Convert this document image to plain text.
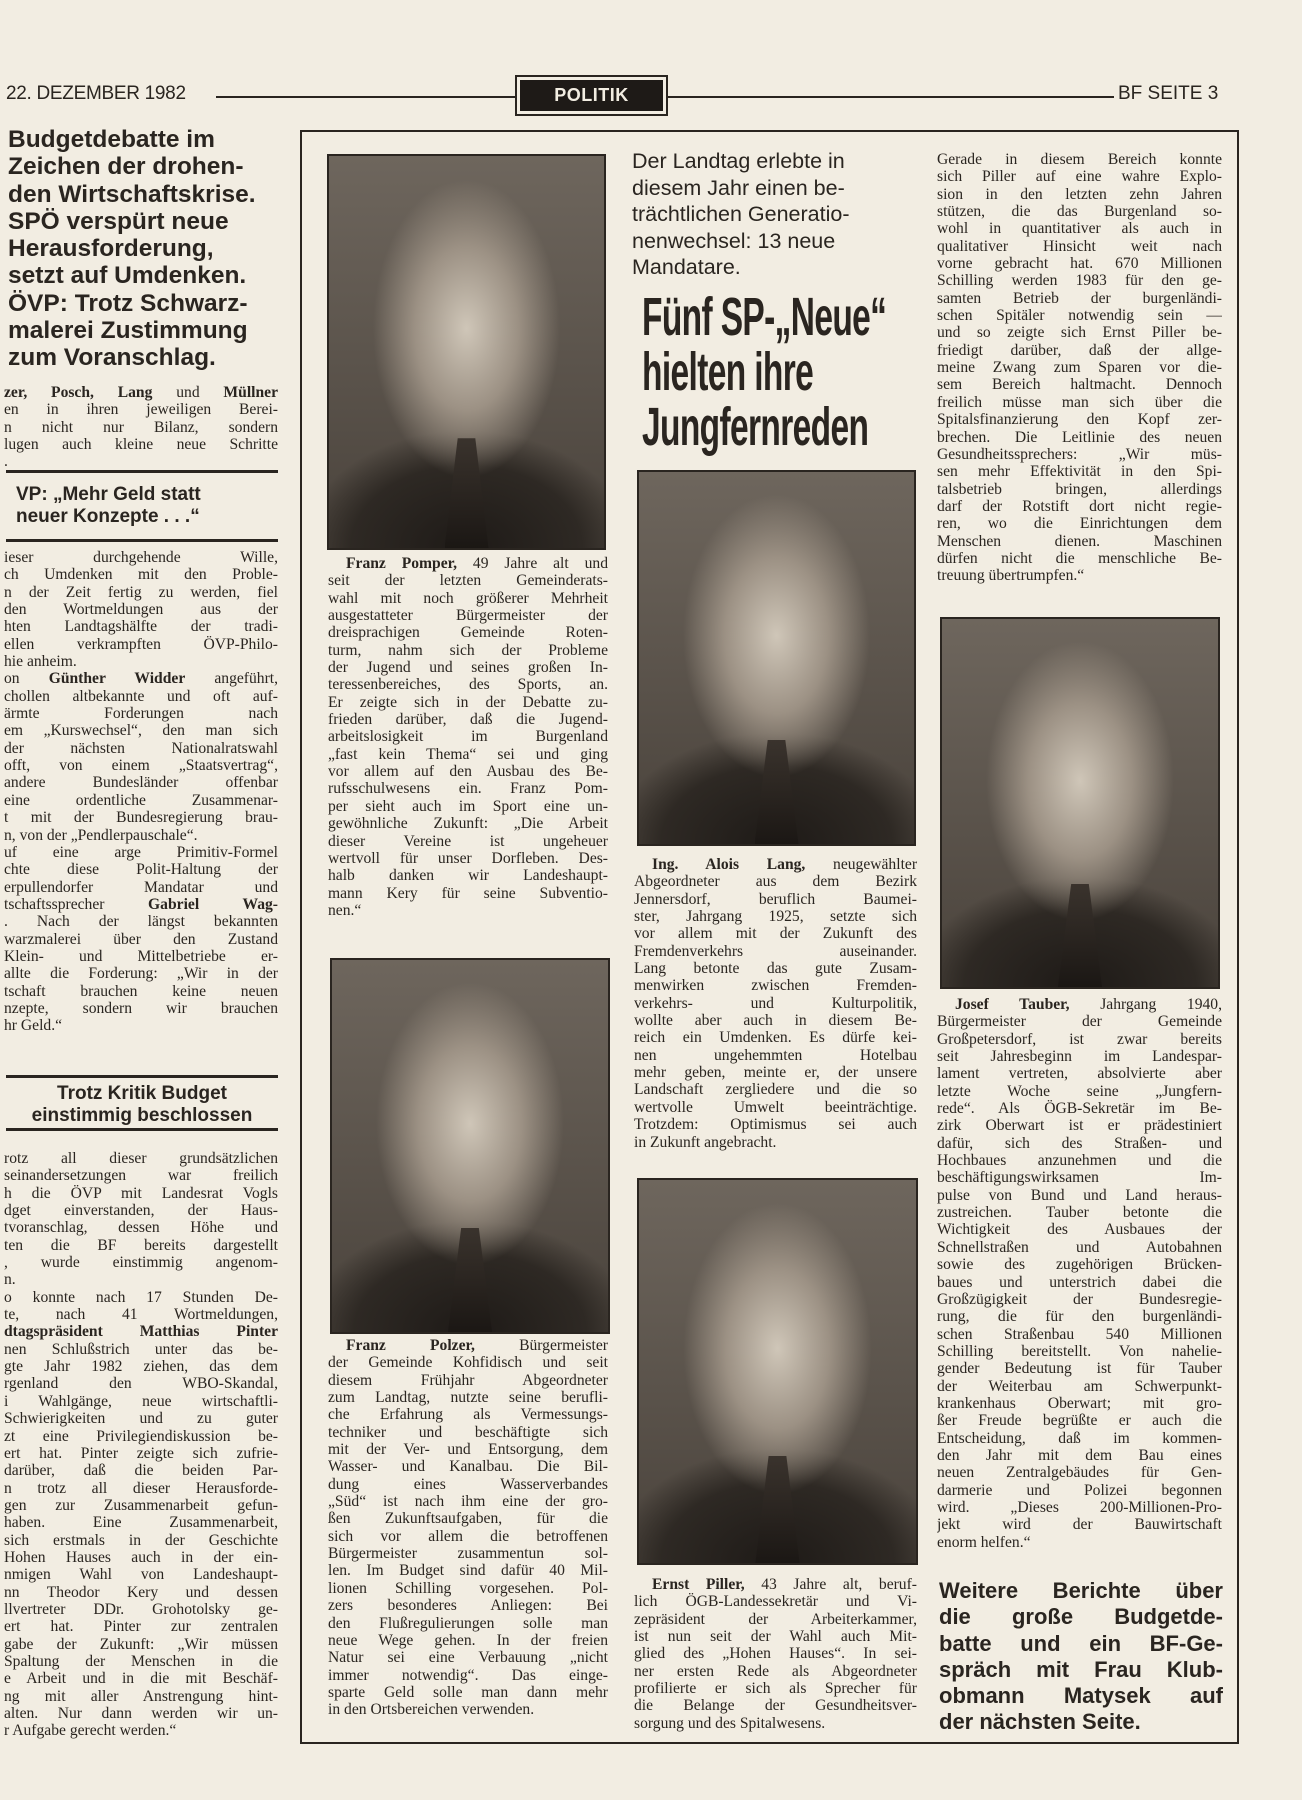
22. DEZEMBER 1982	POLITIK	BF SEITE 3
Budgetdebatte im
Zeichen der drohen-
den Wirtschaftskrise.
SPÖ verspürt neue
Herausforderung,
setzt auf Umdenken.
ÖVP: Trotz Schwarz-
malerei Zustimmung
zum Voranschlag.
zer, Posch, Lang und Müllner
en in ihren jeweiligen Berei-
n nicht nur Bilanz, sondern
lugen auch kleine neue Schritte
.
VP: „Mehr Geld statt
neuer Konzepte . . .“
ieser durchgehende Wille,
ch Umdenken mit den Proble-
n der Zeit fertig zu werden, fiel
den Wortmeldungen aus der
hten Landtagshälfte der tradi-
ellen verkrampften ÖVP-Philo-
hie anheim.
on Günther Widder angeführt,
chollen altbekannte und oft auf-
ärmte Forderungen nach
em „Kurswechsel“, den man sich
der nächsten Nationalratswahl
offt, von einem „Staatsvertrag“,
andere Bundesländer offenbar
eine ordentliche Zusammenar-
t mit der Bundesregierung brau-
n, von der „Pendlerpauschale“.
uf eine arge Primitiv-Formel
chte diese Polit-Haltung der
erpullendorfer Mandatar und
tschaftssprecher Gabriel Wag-
. Nach der längst bekannten
warzmalerei über den Zustand
Klein- und Mittelbetriebe er-
allte die Forderung: „Wir in der
tschaft brauchen keine neuen
nzepte, sondern wir brauchen
hr Geld.“
Trotz Kritik Budget
einstimmig beschlossen
rotz all dieser grundsätzlichen
seinandersetzungen war freilich
h die ÖVP mit Landesrat Vogls
dget einverstanden, der Haus-
tvoranschlag, dessen Höhe und
ten die BF bereits dargestellt
, wurde einstimmig angenom-
n.
o konnte nach 17 Stunden De-
te, nach 41 Wortmeldungen,
dtagspräsident Matthias Pinter
nen Schlußstrich unter das be-
gte Jahr 1982 ziehen, das dem
rgenland den WBO-Skandal,
i Wahlgänge, neue wirtschaftli-
Schwierigkeiten und zu guter
zt eine Privilegiendiskussion be-
ert hat. Pinter zeigte sich zufrie-
darüber, daß die beiden Par-
n trotz all dieser Herausforde-
gen zur Zusammenarbeit gefun-
haben. Eine Zusammenarbeit,
sich erstmals in der Geschichte
Hohen Hauses auch in der ein-
nmigen Wahl von Landeshaupt-
nn Theodor Kery und dessen
llvertreter DDr. Grohotolsky ge-
ert hat. Pinter zur zentralen
gabe der Zukunft: „Wir müssen
Spaltung der Menschen in die
e Arbeit und in die mit Beschäf-
ng mit aller Anstrengung hint-
alten. Nur dann werden wir un-
r Aufgabe gerecht werden.“
Franz Pomper, 49 Jahre alt und
seit der letzten Gemeinderats-
wahl mit noch größerer Mehrheit
ausgestatteter Bürgermeister der
dreisprachigen Gemeinde Roten-
turm, nahm sich der Probleme
der Jugend und seines großen In-
teressenbereiches, des Sports, an.
Er zeigte sich in der Debatte zu-
frieden darüber, daß die Jugend-
arbeitslosigkeit im Burgenland
„fast kein Thema“ sei und ging
vor allem auf den Ausbau des Be-
rufsschulwesens ein. Franz Pom-
per sieht auch im Sport eine un-
gewöhnliche Zukunft: „Die Arbeit
dieser Vereine ist ungeheuer
wertvoll für unser Dorfleben. Des-
halb danken wir Landeshaupt-
mann Kery für seine Subventio-
nen.“
Franz Polzer, Bürgermeister
der Gemeinde Kohfidisch und seit
diesem Frühjahr Abgeordneter
zum Landtag, nutzte seine berufli-
che Erfahrung als Vermessungs-
techniker und beschäftigte sich
mit der Ver- und Entsorgung, dem
Wasser- und Kanalbau. Die Bil-
dung eines Wasserverbandes
„Süd“ ist nach ihm eine der gro-
ßen Zukunftsaufgaben, für die
sich vor allem die betroffenen
Bürgermeister zusammentun sol-
len. Im Budget sind dafür 40 Mil-
lionen Schilling vorgesehen. Pol-
zers besonderes Anliegen: Bei
den Flußregulierungen solle man
neue Wege gehen. In der freien
Natur sei eine Verbauung „nicht
immer notwendig“. Das einge-
sparte Geld solle man dann mehr
in den Ortsbereichen verwenden.
Der Landtag erlebte in
diesem Jahr einen be-
trächtlichen Generatio-
nenwechsel: 13 neue
Mandatare.
Fünf SP-„Neue“
hielten ihre
Jungfernreden
Ing. Alois Lang, neugewählter
Abgeordneter aus dem Bezirk
Jennersdorf, beruflich Baumei-
ster, Jahrgang 1925, setzte sich
vor allem mit der Zukunft des
Fremdenverkehrs auseinander.
Lang betonte das gute Zusam-
menwirken zwischen Fremden-
verkehrs- und Kulturpolitik,
wollte aber auch in diesem Be-
reich ein Umdenken. Es dürfe kei-
nen ungehemmten Hotelbau
mehr geben, meinte er, der unsere
Landschaft zergliedere und die so
wertvolle Umwelt beeinträchtige.
Trotzdem: Optimismus sei auch
in Zukunft angebracht.
Ernst Piller, 43 Jahre alt, beruf-
lich ÖGB-Landessekretär und Vi-
zepräsident der Arbeiterkammer,
ist nun seit der Wahl auch Mit-
glied des „Hohen Hauses“. In sei-
ner ersten Rede als Abgeordneter
profilierte er sich als Sprecher für
die Belange der Gesundheitsver-
sorgung und des Spitalwesens.
Gerade in diesem Bereich konnte
sich Piller auf eine wahre Explo-
sion in den letzten zehn Jahren
stützen, die das Burgenland so-
wohl in quantitativer als auch in
qualitativer Hinsicht weit nach
vorne gebracht hat. 670 Millionen
Schilling werden 1983 für den ge-
samten Betrieb der burgenländi-
schen Spitäler notwendig sein —
und so zeigte sich Ernst Piller be-
friedigt darüber, daß der allge-
meine Zwang zum Sparen vor die-
sem Bereich haltmacht. Dennoch
freilich müsse man sich über die
Spitalsfinanzierung den Kopf zer-
brechen. Die Leitlinie des neuen
Gesundheitssprechers: „Wir müs-
sen mehr Effektivität in den Spi-
talsbetrieb bringen, allerdings
darf der Rotstift dort nicht regie-
ren, wo die Einrichtungen dem
Menschen dienen. Maschinen
dürfen nicht die menschliche Be-
treuung übertrumpfen.“
Josef Tauber, Jahrgang 1940,
Bürgermeister der Gemeinde
Großpetersdorf, ist zwar bereits
seit Jahresbeginn im Landespar-
lament vertreten, absolvierte aber
letzte Woche seine „Jungfern-
rede“. Als ÖGB-Sekretär im Be-
zirk Oberwart ist er prädestiniert
dafür, sich des Straßen- und
Hochbaues anzunehmen und die
beschäftigungswirksamen Im-
pulse von Bund und Land heraus-
zustreichen. Tauber betonte die
Wichtigkeit des Ausbaues der
Schnellstraßen und Autobahnen
sowie des zugehörigen Brücken-
baues und unterstrich dabei die
Großzügigkeit der Bundesregie-
rung, die für den burgenländi-
schen Straßenbau 540 Millionen
Schilling bereitstellt. Von nahelie-
gender Bedeutung ist für Tauber
der Weiterbau am Schwerpunkt-
krankenhaus Oberwart; mit gro-
ßer Freude begrüßte er auch die
Entscheidung, daß im kommen-
den Jahr mit dem Bau eines
neuen Zentralgebäudes für Gen-
darmerie und Polizei begonnen
wird. „Dieses 200-Millionen-Pro-
jekt wird der Bauwirtschaft
enorm helfen.“
Weitere Berichte über
die große Budgetde-
batte und ein BF-Ge-
spräch mit Frau Klub-
obmann Matysek auf
der nächsten Seite.
